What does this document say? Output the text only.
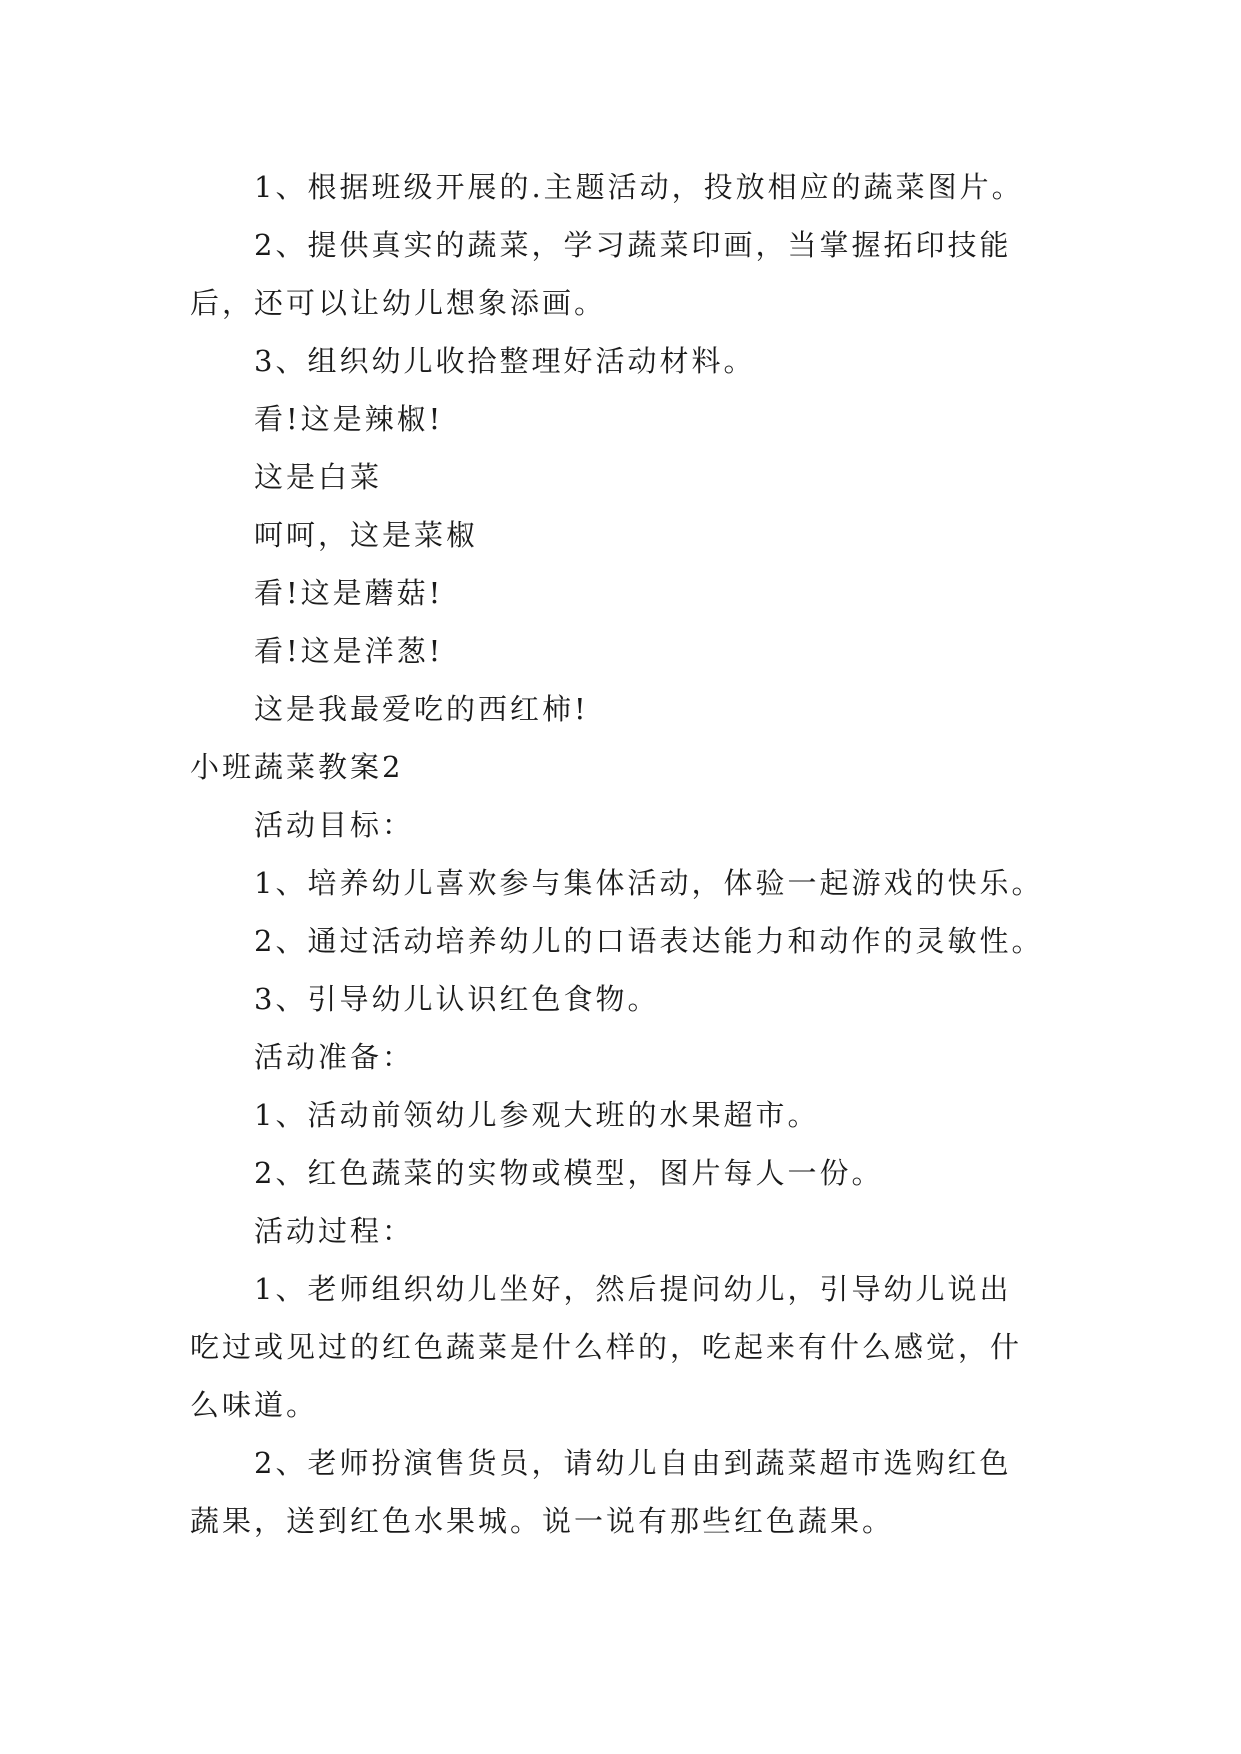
1、根据班级开展的.主题活动，投放相应的蔬菜图片。
2、提供真实的蔬菜，学习蔬菜印画，当掌握拓印技能
后，还可以让幼儿想象添画。
3、组织幼儿收拾整理好活动材料。
看!这是辣椒!
这是白菜
呵呵，这是菜椒
看!这是蘑菇!
看!这是洋葱!
这是我最爱吃的西红柿!
小班蔬菜教案2
活动目标：
1、培养幼儿喜欢参与集体活动，体验一起游戏的快乐。
2、通过活动培养幼儿的口语表达能力和动作的灵敏性。
3、引导幼儿认识红色食物。
活动准备：
1、活动前领幼儿参观大班的水果超市。
2、红色蔬菜的实物或模型，图片每人一份。
活动过程：
1、老师组织幼儿坐好，然后提问幼儿，引导幼儿说出
吃过或见过的红色蔬菜是什么样的，吃起来有什么感觉，什
么味道。
2、老师扮演售货员，请幼儿自由到蔬菜超市选购红色
蔬果，送到红色水果城。说一说有那些红色蔬果。
